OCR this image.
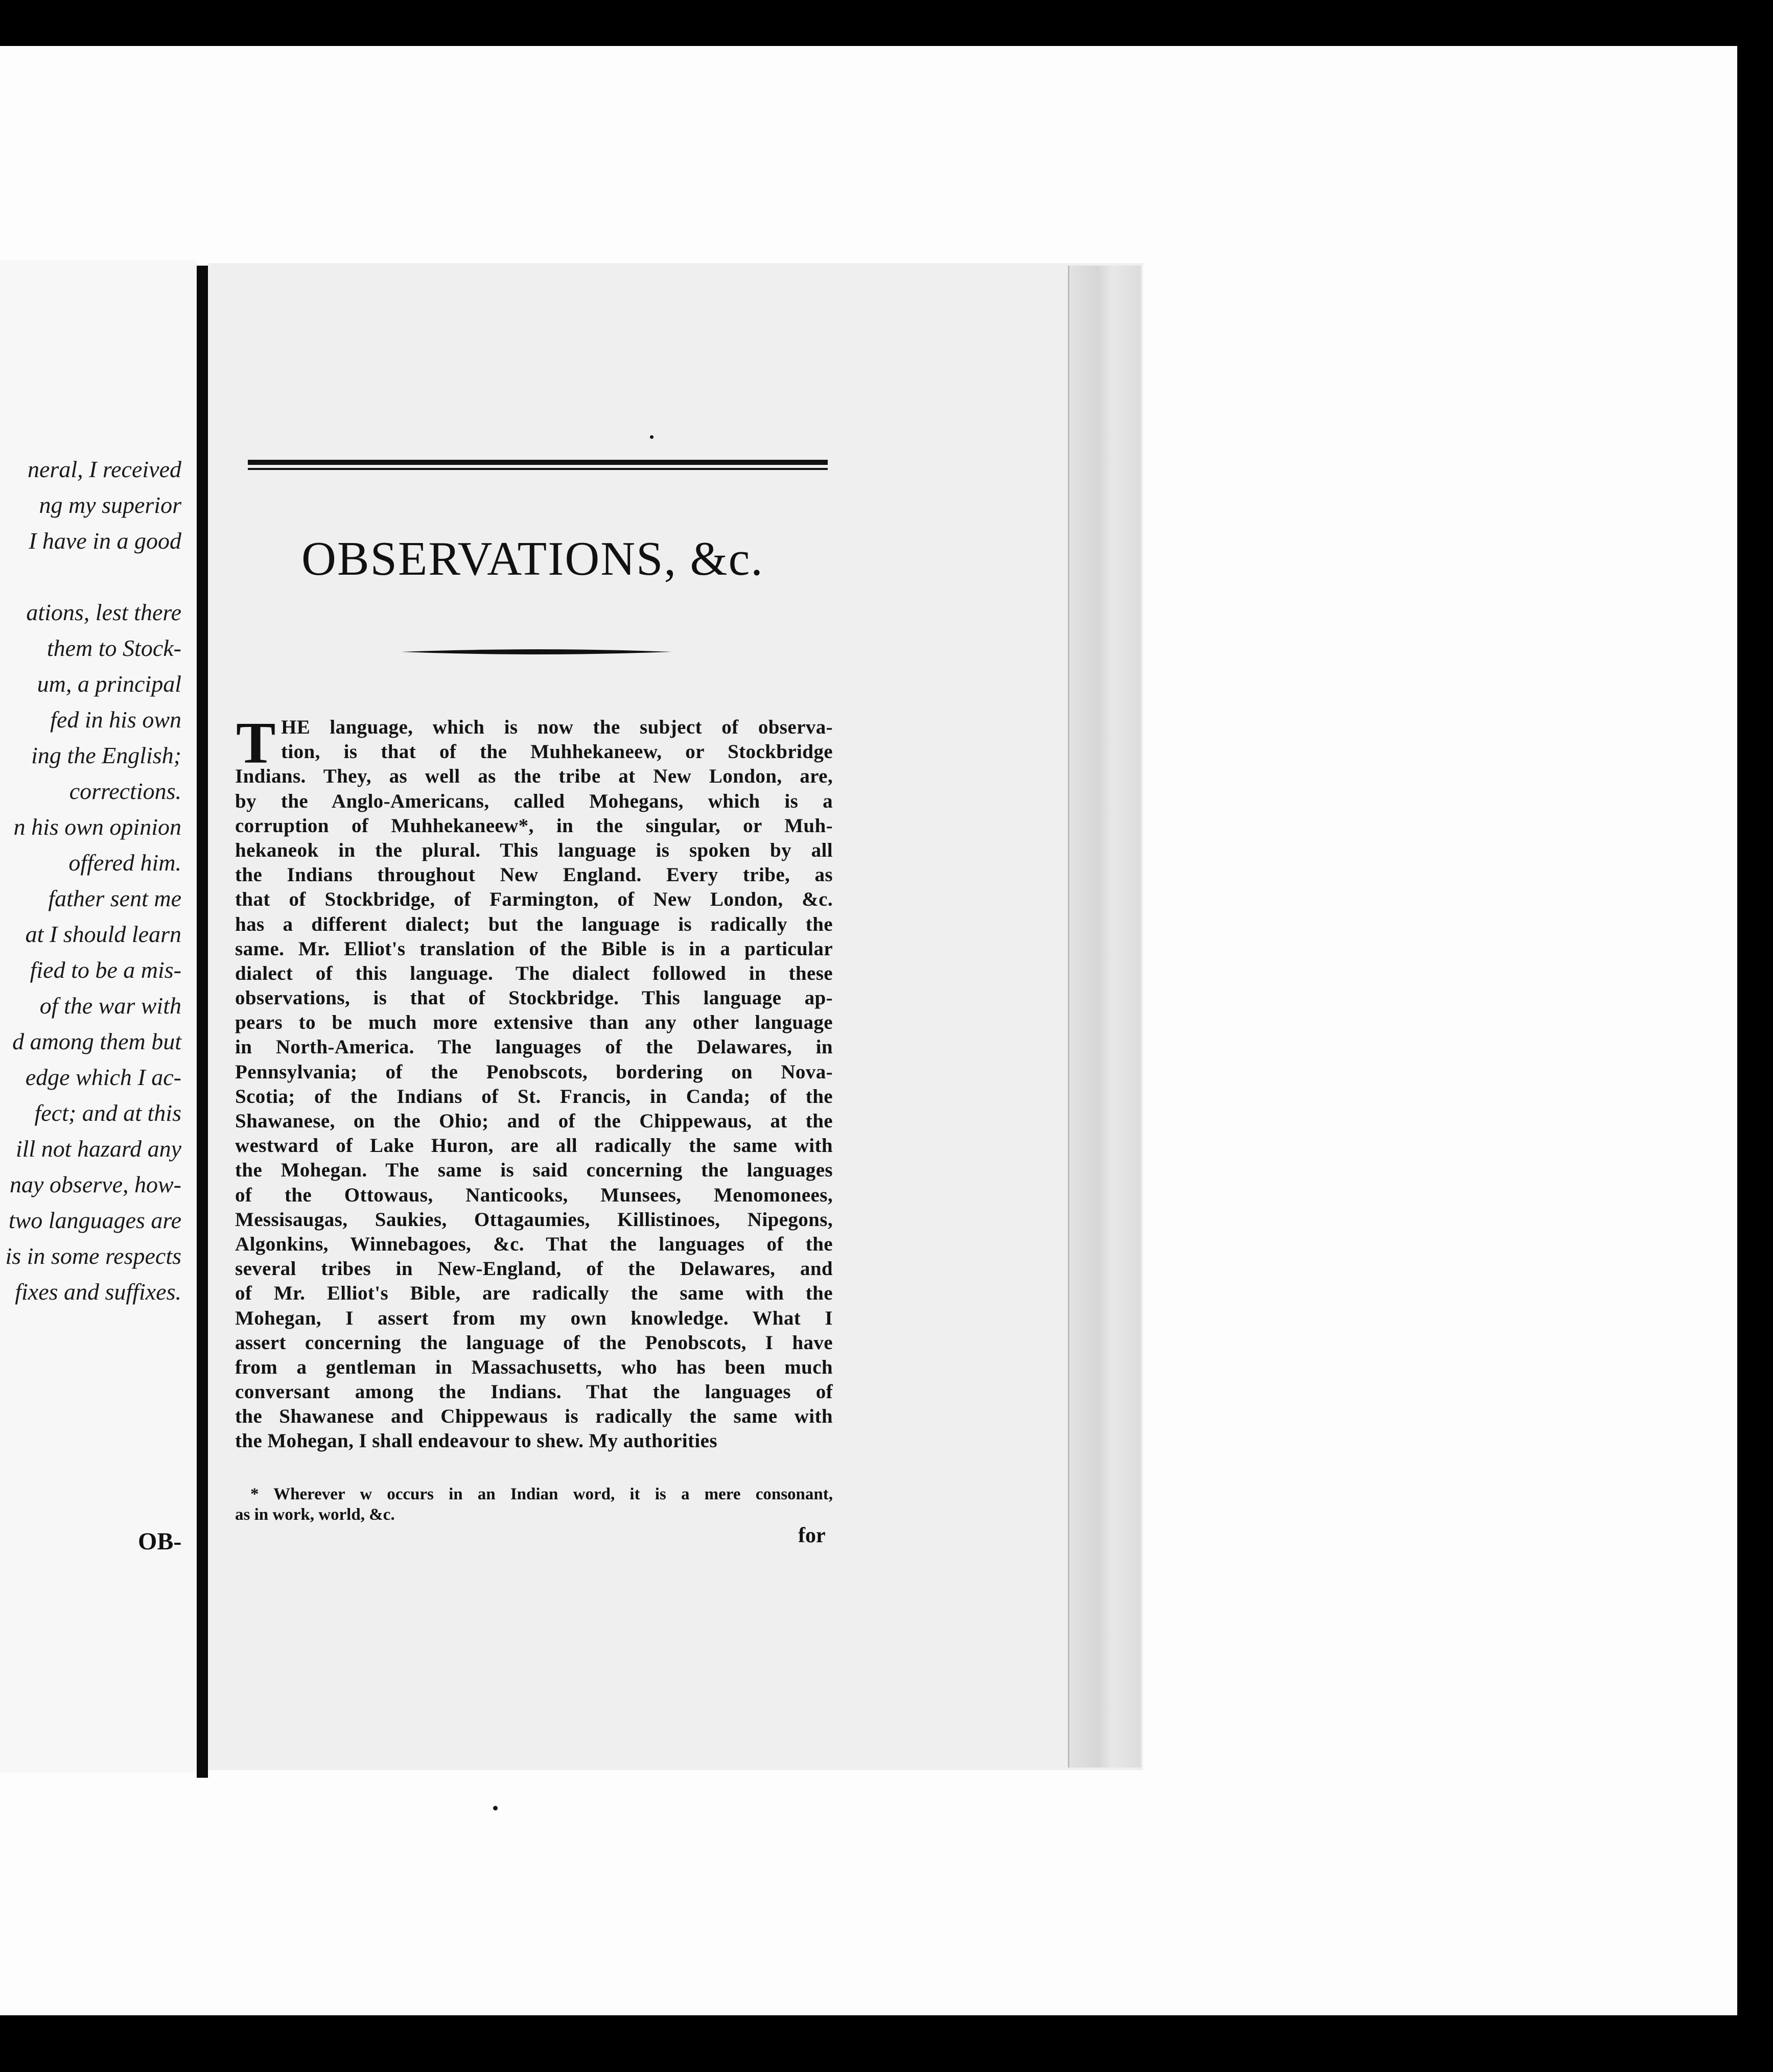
neral, I received
ng my superior
I have in a good
ations, lest there
them to Stock-
um, a principal
fed in his own
ing the English;
corrections.
n his own opinion
offered him.
father sent me
at I should learn
fied to be a mis-
of the war with
d among them but
edge which I ac-
fect; and at this
ill not hazard any
nay observe, how-
two languages are
is in some respects
fixes and suffixes.
OB-
OBSERVATIONS, &c.
T HE language, which is now the subject of observa-
tion, is that of the Muhhekaneew, or Stockbridge
Indians. They, as well as the tribe at New London, are,
by the Anglo-Americans, called Mohegans, which is a
corruption of Muhhekaneew*, in the singular, or Muh-
hekaneok in the plural. This language is spoken by all
the Indians throughout New England. Every tribe, as
that of Stockbridge, of Farmington, of New London, &c.
has a different dialect; but the language is radically the
same. Mr. Elliot's translation of the Bible is in a particular
dialect of this language. The dialect followed in these
observations, is that of Stockbridge. This language ap-
pears to be much more extensive than any other language
in North-America. The languages of the Delawares, in
Pennsylvania; of the Penobscots, bordering on Nova-
Scotia; of the Indians of St. Francis, in Canda; of the
Shawanese, on the Ohio; and of the Chippewaus, at the
westward of Lake Huron, are all radically the same with
the Mohegan. The same is said concerning the languages
of the Ottowaus, Nanticooks, Munsees, Menomonees,
Messisaugas, Saukies, Ottagaumies, Killistinoes, Nipegons,
Algonkins, Winnebagoes, &c. That the languages of the
several tribes in New-England, of the Delawares, and
of Mr. Elliot's Bible, are radically the same with the
Mohegan, I assert from my own knowledge. What I
assert concerning the language of the Penobscots, I have
from a gentleman in Massachusetts, who has been much
conversant among the Indians. That the languages of
the Shawanese and Chippewaus is radically the same with
the Mohegan, I shall endeavour to shew. My authorities
* Wherever w occurs in an Indian word, it is a mere consonant,
as in work, world, &c.
for
